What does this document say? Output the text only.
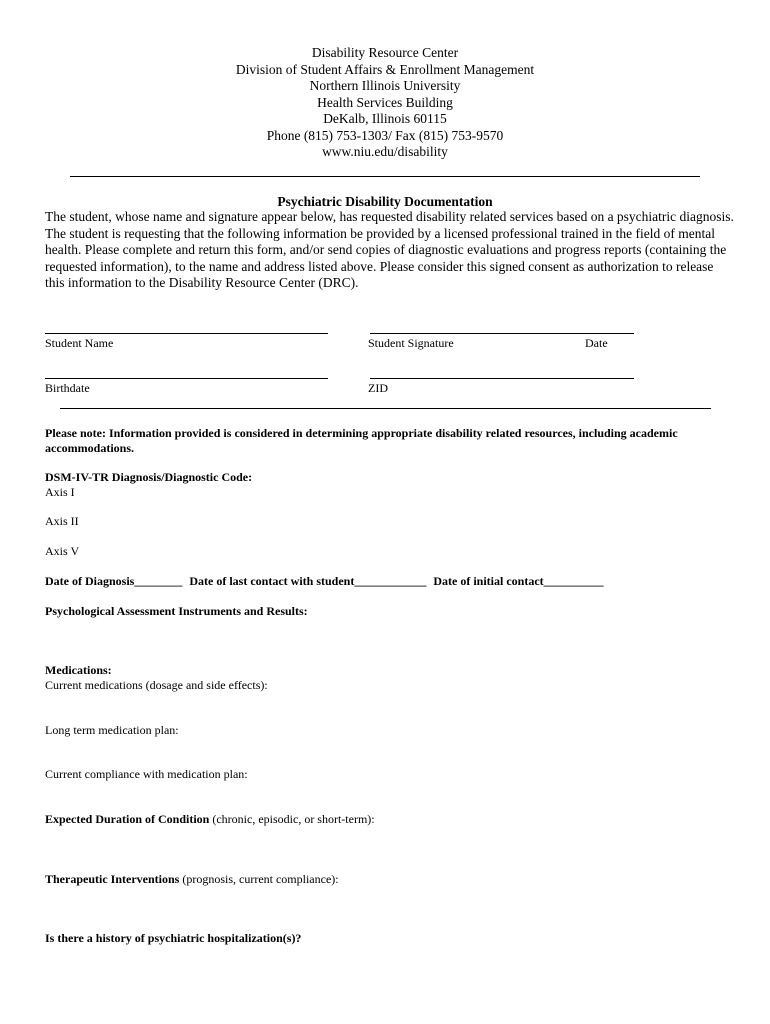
Disability Resource Center
Division of Student Affairs & Enrollment Management
Northern Illinois University
Health Services Building
DeKalb, Illinois 60115
Phone (815) 753-1303/ Fax (815) 753-9570
www.niu.edu/disability
Psychiatric Disability Documentation
The student, whose name and signature appear below, has requested disability related services based on a psychiatric diagnosis. The student is requesting that the following information be provided by a licensed professional trained in the field of mental health. Please complete and return this form, and/or send copies of diagnostic evaluations and progress reports (containing the requested information), to the name and address listed above. Please consider this signed consent as authorization to release this information to the Disability Resource Center (DRC).
Student Name	Student Signature	Date
Birthdate	ZID
Please note: Information provided is considered in determining appropriate disability related resources, including academic accommodations.
DSM-IV-TR Diagnosis/Diagnostic Code:
Axis I
Axis II
Axis V
Date of Diagnosis________ Date of last contact with student____________ Date of initial contact__________
Psychological Assessment Instruments and Results:
Medications:
Current medications (dosage and side effects):
Long term medication plan:
Current compliance with medication plan:
Expected Duration of Condition (chronic, episodic, or short-term):
Therapeutic Interventions (prognosis, current compliance):
Is there a history of psychiatric hospitalization(s)?
